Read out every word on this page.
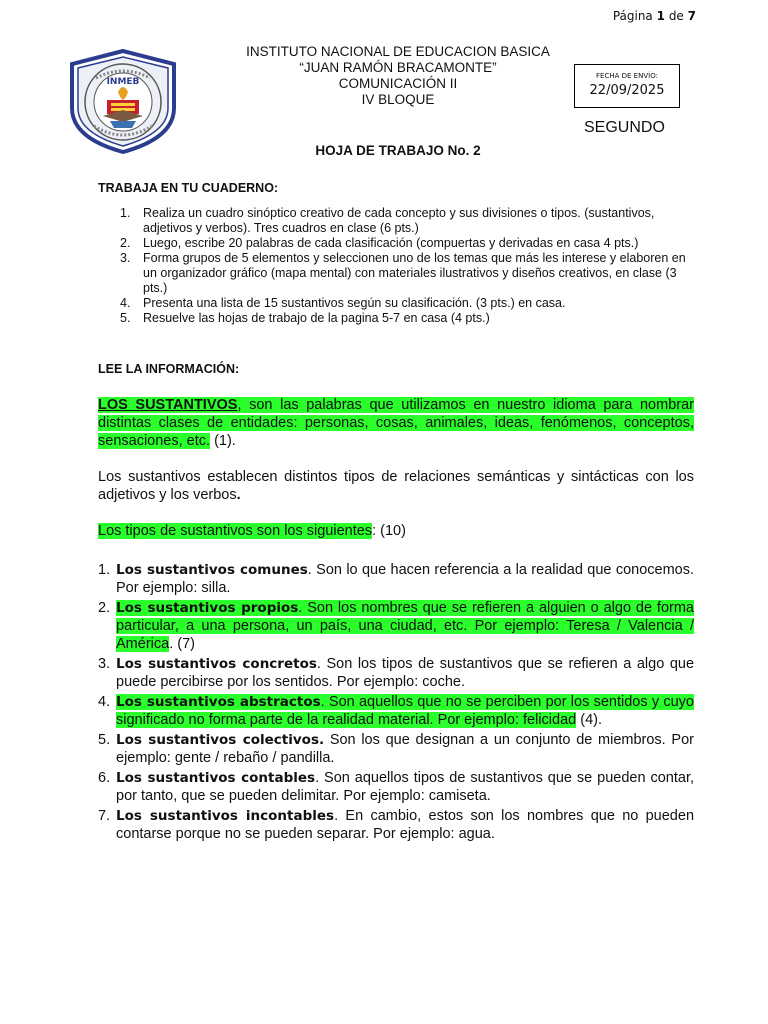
Página 1 de 7
INMEB
INSTITUTO NACIONAL DE EDUCACION BASICA
“JUAN RAMÓN BRACAMONTE”
COMUNICACIÓN II
IV BLOQUE
FECHA DE ENVÍO:
22/09/2025
SEGUNDO
HOJA DE TRABAJO No. 2
TRABAJA EN TU CUADERNO:
1. Realiza un cuadro sinóptico creativo de cada concepto y sus divisiones o tipos. (sustantivos, adjetivos y verbos). Tres cuadros en clase (6 pts.)
2. Luego, escribe 20 palabras de cada clasificación (compuertas y derivadas en casa 4 pts.)
3. Forma grupos de 5 elementos y seleccionen uno de los temas que más les interese y elaboren en un organizador gráfico (mapa mental) con materiales ilustrativos y diseños creativos, en clase (3 pts.)
4. Presenta una lista de 15 sustantivos según su clasificación. (3 pts.) en casa.
5. Resuelve las hojas de trabajo de la pagina 5-7 en casa (4 pts.)
LEE LA INFORMACIÓN:
LOS SUSTANTIVOS, son las palabras que utilizamos en nuestro idioma para nombrar distintas clases de entidades: personas, cosas, animales, ideas, fenómenos, conceptos, sensaciones, etc. (1).
Los sustantivos establecen distintos tipos de relaciones semánticas y sintácticas con los adjetivos y los verbos.
Los tipos de sustantivos son los siguientes: (10)
1. Los sustantivos comunes. Son lo que hacen referencia a la realidad que conocemos. Por ejemplo: silla.
2. Los sustantivos propios. Son los nombres que se refieren a alguien o algo de forma particular, a una persona, un país, una ciudad, etc. Por ejemplo: Teresa / Valencia / América. (7)
3. Los sustantivos concretos. Son los tipos de sustantivos que se refieren a algo que puede percibirse por los sentidos. Por ejemplo: coche.
4. Los sustantivos abstractos. Son aquellos que no se perciben por los sentidos y cuyo significado no forma parte de la realidad material. Por ejemplo: felicidad (4).
5. Los sustantivos colectivos. Son los que designan a un conjunto de miembros. Por ejemplo: gente / rebaño / pandilla.
6. Los sustantivos contables. Son aquellos tipos de sustantivos que se pueden contar, por tanto, que se pueden delimitar. Por ejemplo: camiseta.
7. Los sustantivos incontables. En cambio, estos son los nombres que no pueden contarse porque no se pueden separar. Por ejemplo: agua.
